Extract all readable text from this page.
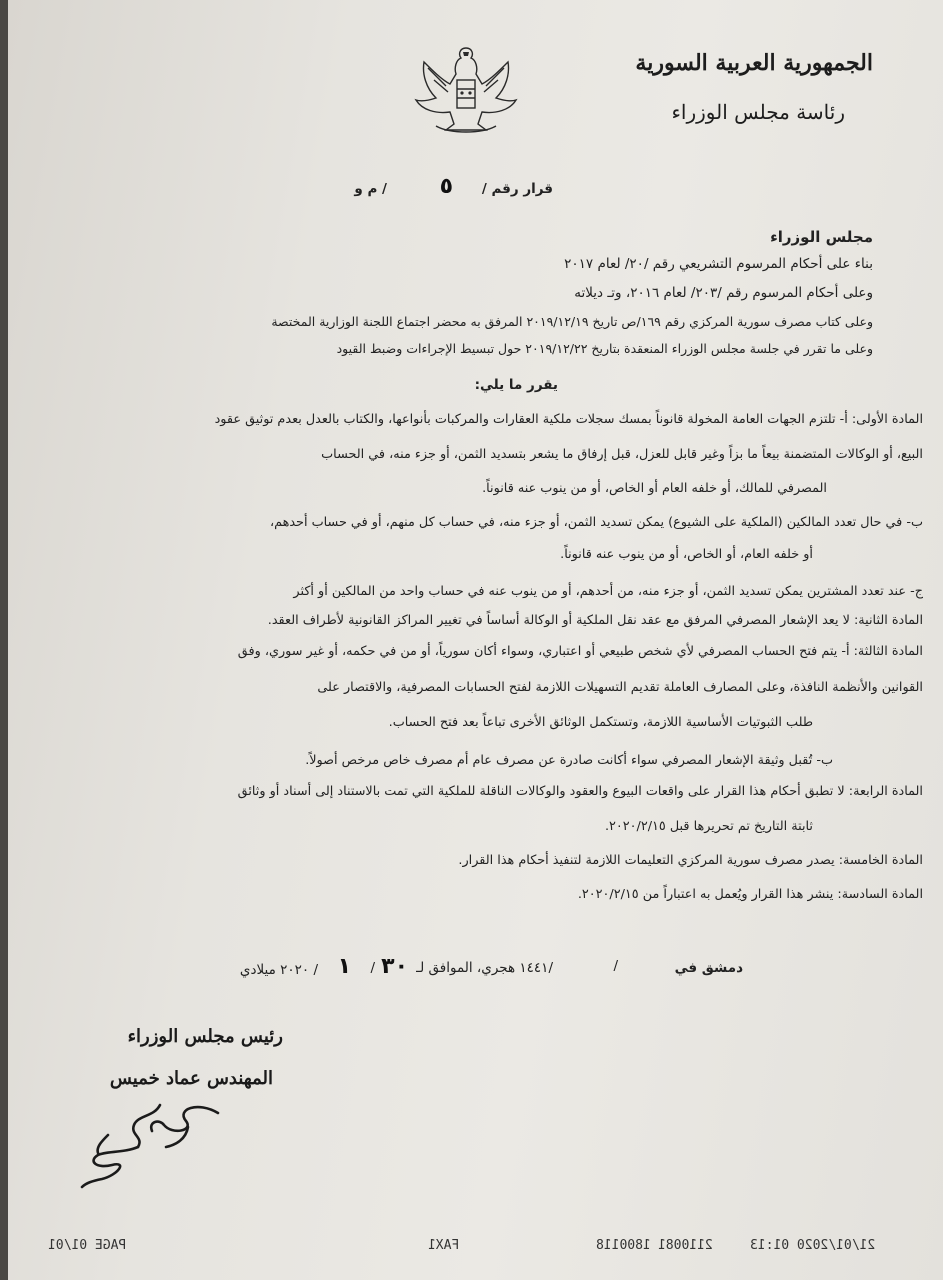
الجمهورية العربية السورية
رئاسة مجلس الوزراء
قرار رقم /
٥
/ م و
مجلس الوزراء
بناء على أحكام المرسوم التشريعي رقم /٢٠/ لعام ٢٠١٧
وعلى أحكام المرسوم رقم /٢٠٣/ لعام ٢٠١٦، وتـ دیلاته
وعلى كتاب مصرف سورية المركزي رقم ١٦٩/ص تاريخ ٢٠١٩/١٢/١٩ المرفق به محضر اجتماع اللجنة الوزارية المختصة
وعلى ما تقرر في جلسة مجلس الوزراء المنعقدة بتاريخ ٢٠١٩/١٢/٢٢ حول تبسيط الإجراءات وضبط القيود
يقرر ما يلي:
المادة الأولى: أ- تلتزم الجهات العامة المخولة قانوناً بمسك سجلات ملكية العقارات والمركبات بأنواعها، والكتاب بالعدل بعدم توثيق عقود
البيع، أو الوكالات المتضمنة بيعاً ما بزاً وغير قابل للعزل، قبل إرفاق ما يشعر بتسديد الثمن، أو جزء منه، في الحساب
المصرفي للمالك، أو خلفه العام أو الخاص، أو من ينوب عنه قانوناً.
ب- في حال تعدد المالكين (الملكية على الشيوع) يمكن تسديد الثمن، أو جزء منه، في حساب كل منهم، أو في حساب أحدهم،
أو خلفه العام، أو الخاص، أو من ينوب عنه قانوناً.
ج- عند تعدد المشترين يمكن تسديد الثمن، أو جزء منه، من أحدهم، أو من ينوب عنه في حساب واحد من المالكين أو أكثر
المادة الثانية: لا يعد الإشعار المصرفي المرفق مع عقد نقل الملكية أو الوكالة أساساً في تغيير المراكز القانونية لأطراف العقد.
المادة الثالثة: أ- يتم فتح الحساب المصرفي لأي شخص طبيعي أو اعتباري، وسواء أكان سورياً، أو من في حكمه، أو غير سوري، وفق
القوانين والأنظمة النافذة، وعلى المصارف العاملة تقديم التسهيلات اللازمة لفتح الحسابات المصرفية، والاقتصار على
طلب الثبوتيات الأساسية اللازمة، وتستكمل الوثائق الأخرى تباعاً بعد فتح الحساب.
ب- تُقبل وثيقة الإشعار المصرفي سواء أكانت صادرة عن مصرف عام أم مصرف خاص مرخص أصولاً.
المادة الرابعة: لا تطبق أحكام هذا القرار على واقعات البيوع والعقود والوكالات الناقلة للملكية التي تمت بالاستناد إلى أسناد أو وثائق
ثابتة التاريخ تم تحريرها قبل ٢٠٢٠/٢/١٥.
المادة الخامسة: يصدر مصرف سورية المركزي التعليمات اللازمة لتنفيذ أحكام هذا القرار.
المادة السادسة: ينشر هذا القرار ويُعمل به اعتباراً من ٢٠٢٠/٢/١٥.
دمشق في
/
/١٤٤١ هجري، الموافق لـ
٣٠
/
١
/ ٢٠٢٠ ميلادي
رئيس مجلس الوزراء
المهندس عماد خميس
PAGE 01/01	FAX1	1800118 2110081	21/01/2020 01:13
